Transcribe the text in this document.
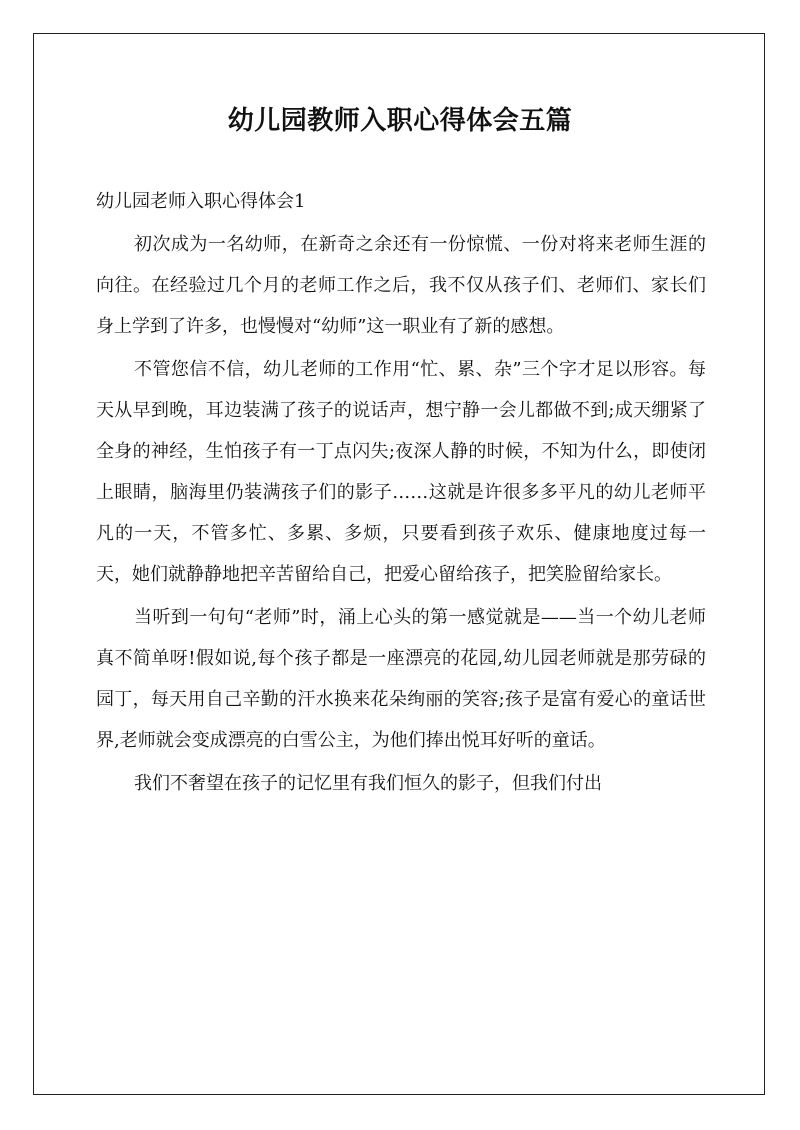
幼儿园教师入职心得体会五篇

幼儿园老师入职心得体会1

初次成为一名幼师，在新奇之余还有一份惊慌、一份对将来老师生涯的向往。在经验过几个月的老师工作之后，我不仅从孩子们、老师们、家长们身上学到了许多，也慢慢对“幼师”这一职业有了新的感想。

不管您信不信，幼儿老师的工作用“忙、累、杂”三个字才足以形容。每天从早到晚，耳边装满了孩子的说话声，想宁静一会儿都做不到;成天绷紧了全身的神经，生怕孩子有一丁点闪失;夜深人静的时候，不知为什么，即使闭上眼睛，脑海里仍装满孩子们的影子……这就是许很多多平凡的幼儿老师平凡的一天，不管多忙、多累、多烦，只要看到孩子欢乐、健康地度过每一天，她们就静静地把辛苦留给自己，把爱心留给孩子，把笑脸留给家长。

当听到一句句“老师”时，涌上心头的第一感觉就是——当一个幼儿老师真不简单呀!假如说,每个孩子都是一座漂亮的花园,幼儿园老师就是那劳碌的园丁，每天用自己辛勤的汗水换来花朵绚丽的笑容;孩子是富有爱心的童话世界,老师就会变成漂亮的白雪公主，为他们捧出悦耳好听的童话。

我们不奢望在孩子的记忆里有我们恒久的影子，但我们付出
